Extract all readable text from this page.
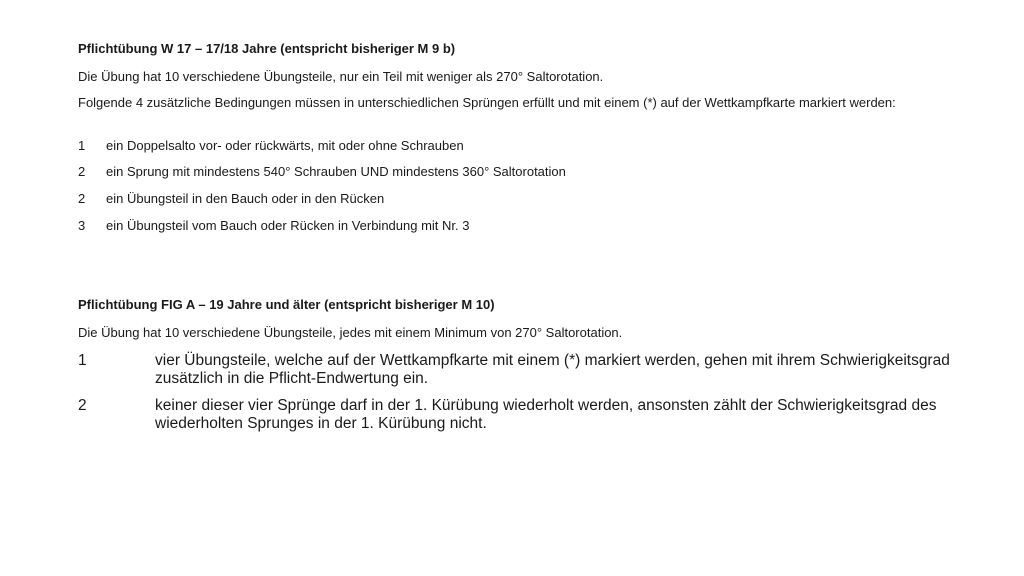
Pflichtübung W 17 – 17/18 Jahre (entspricht bisheriger M 9 b)
Die Übung hat 10 verschiedene Übungsteile, nur ein Teil mit weniger als 270° Saltorotation.
Folgende 4 zusätzliche Bedingungen müssen in unterschiedlichen Sprüngen erfüllt und mit einem (*) auf der Wettkampfkarte markiert werden:
1	ein Doppelsalto vor- oder rückwärts, mit oder ohne Schrauben
2	ein Sprung mit mindestens 540° Schrauben UND mindestens 360° Saltorotation
2	ein Übungsteil in den Bauch oder in den Rücken
3	ein Übungsteil vom Bauch oder Rücken in Verbindung mit Nr. 3
Pflichtübung FIG A – 19 Jahre und älter (entspricht bisheriger M 10)
Die Übung hat 10 verschiedene Übungsteile, jedes mit einem Minimum von 270° Saltorotation.
1	vier Übungsteile, welche auf der Wettkampfkarte mit einem (*) markiert werden, gehen mit ihrem Schwierigkeitsgrad zusätzlich in die Pflicht-Endwertung ein.
2	keiner dieser vier Sprünge darf in der 1. Kürübung wiederholt werden, ansonsten zählt der Schwierigkeitsgrad des wiederholten Sprunges in der 1. Kürübung nicht.
